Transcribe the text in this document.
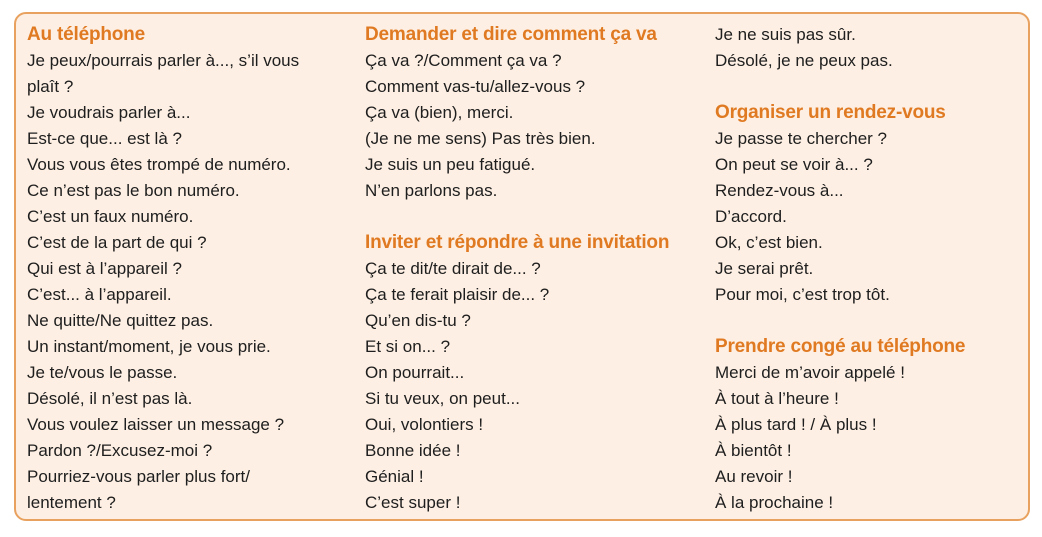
Au téléphone
Je peux/pourrais parler à..., s’il vous
plaît ?
Je voudrais parler à...
Est-ce que... est là ?
Vous vous êtes trompé de numéro.
Ce n’est pas le bon numéro.
C’est un faux numéro.
C’est de la part de qui ?
Qui est à l’appareil ?
C’est... à l’appareil.
Ne quitte/Ne quittez pas.
Un instant/moment, je vous prie.
Je te/vous le passe.
Désolé, il n’est pas là.
Vous voulez laisser un message ?
Pardon ?/Excusez-moi ?
Pourriez-vous parler plus fort/
lentement ?
Demander et dire comment ça va
Ça va ?/Comment ça va ?
Comment vas-tu/allez-vous ?
Ça va (bien), merci.
(Je ne me sens) Pas très bien.
Je suis un peu fatigué.
N’en parlons pas.
Inviter et répondre à une invitation
Ça te dit/te dirait de... ?
Ça te ferait plaisir de... ?
Qu’en dis-tu ?
Et si on... ?
On pourrait...
Si tu veux, on peut...
Oui, volontiers !
Bonne idée !
Génial !
C’est super !
Je ne suis pas sûr.
Désolé, je ne peux pas.
Organiser un rendez-vous
Je passe te chercher ?
On peut se voir à... ?
Rendez-vous à...
D’accord.
Ok, c’est bien.
Je serai prêt.
Pour moi, c’est trop tôt.
Prendre congé au téléphone
Merci de m’avoir appelé !
À tout à l’heure !
À plus tard ! / À plus !
À bientôt !
Au revoir !
À la prochaine !
